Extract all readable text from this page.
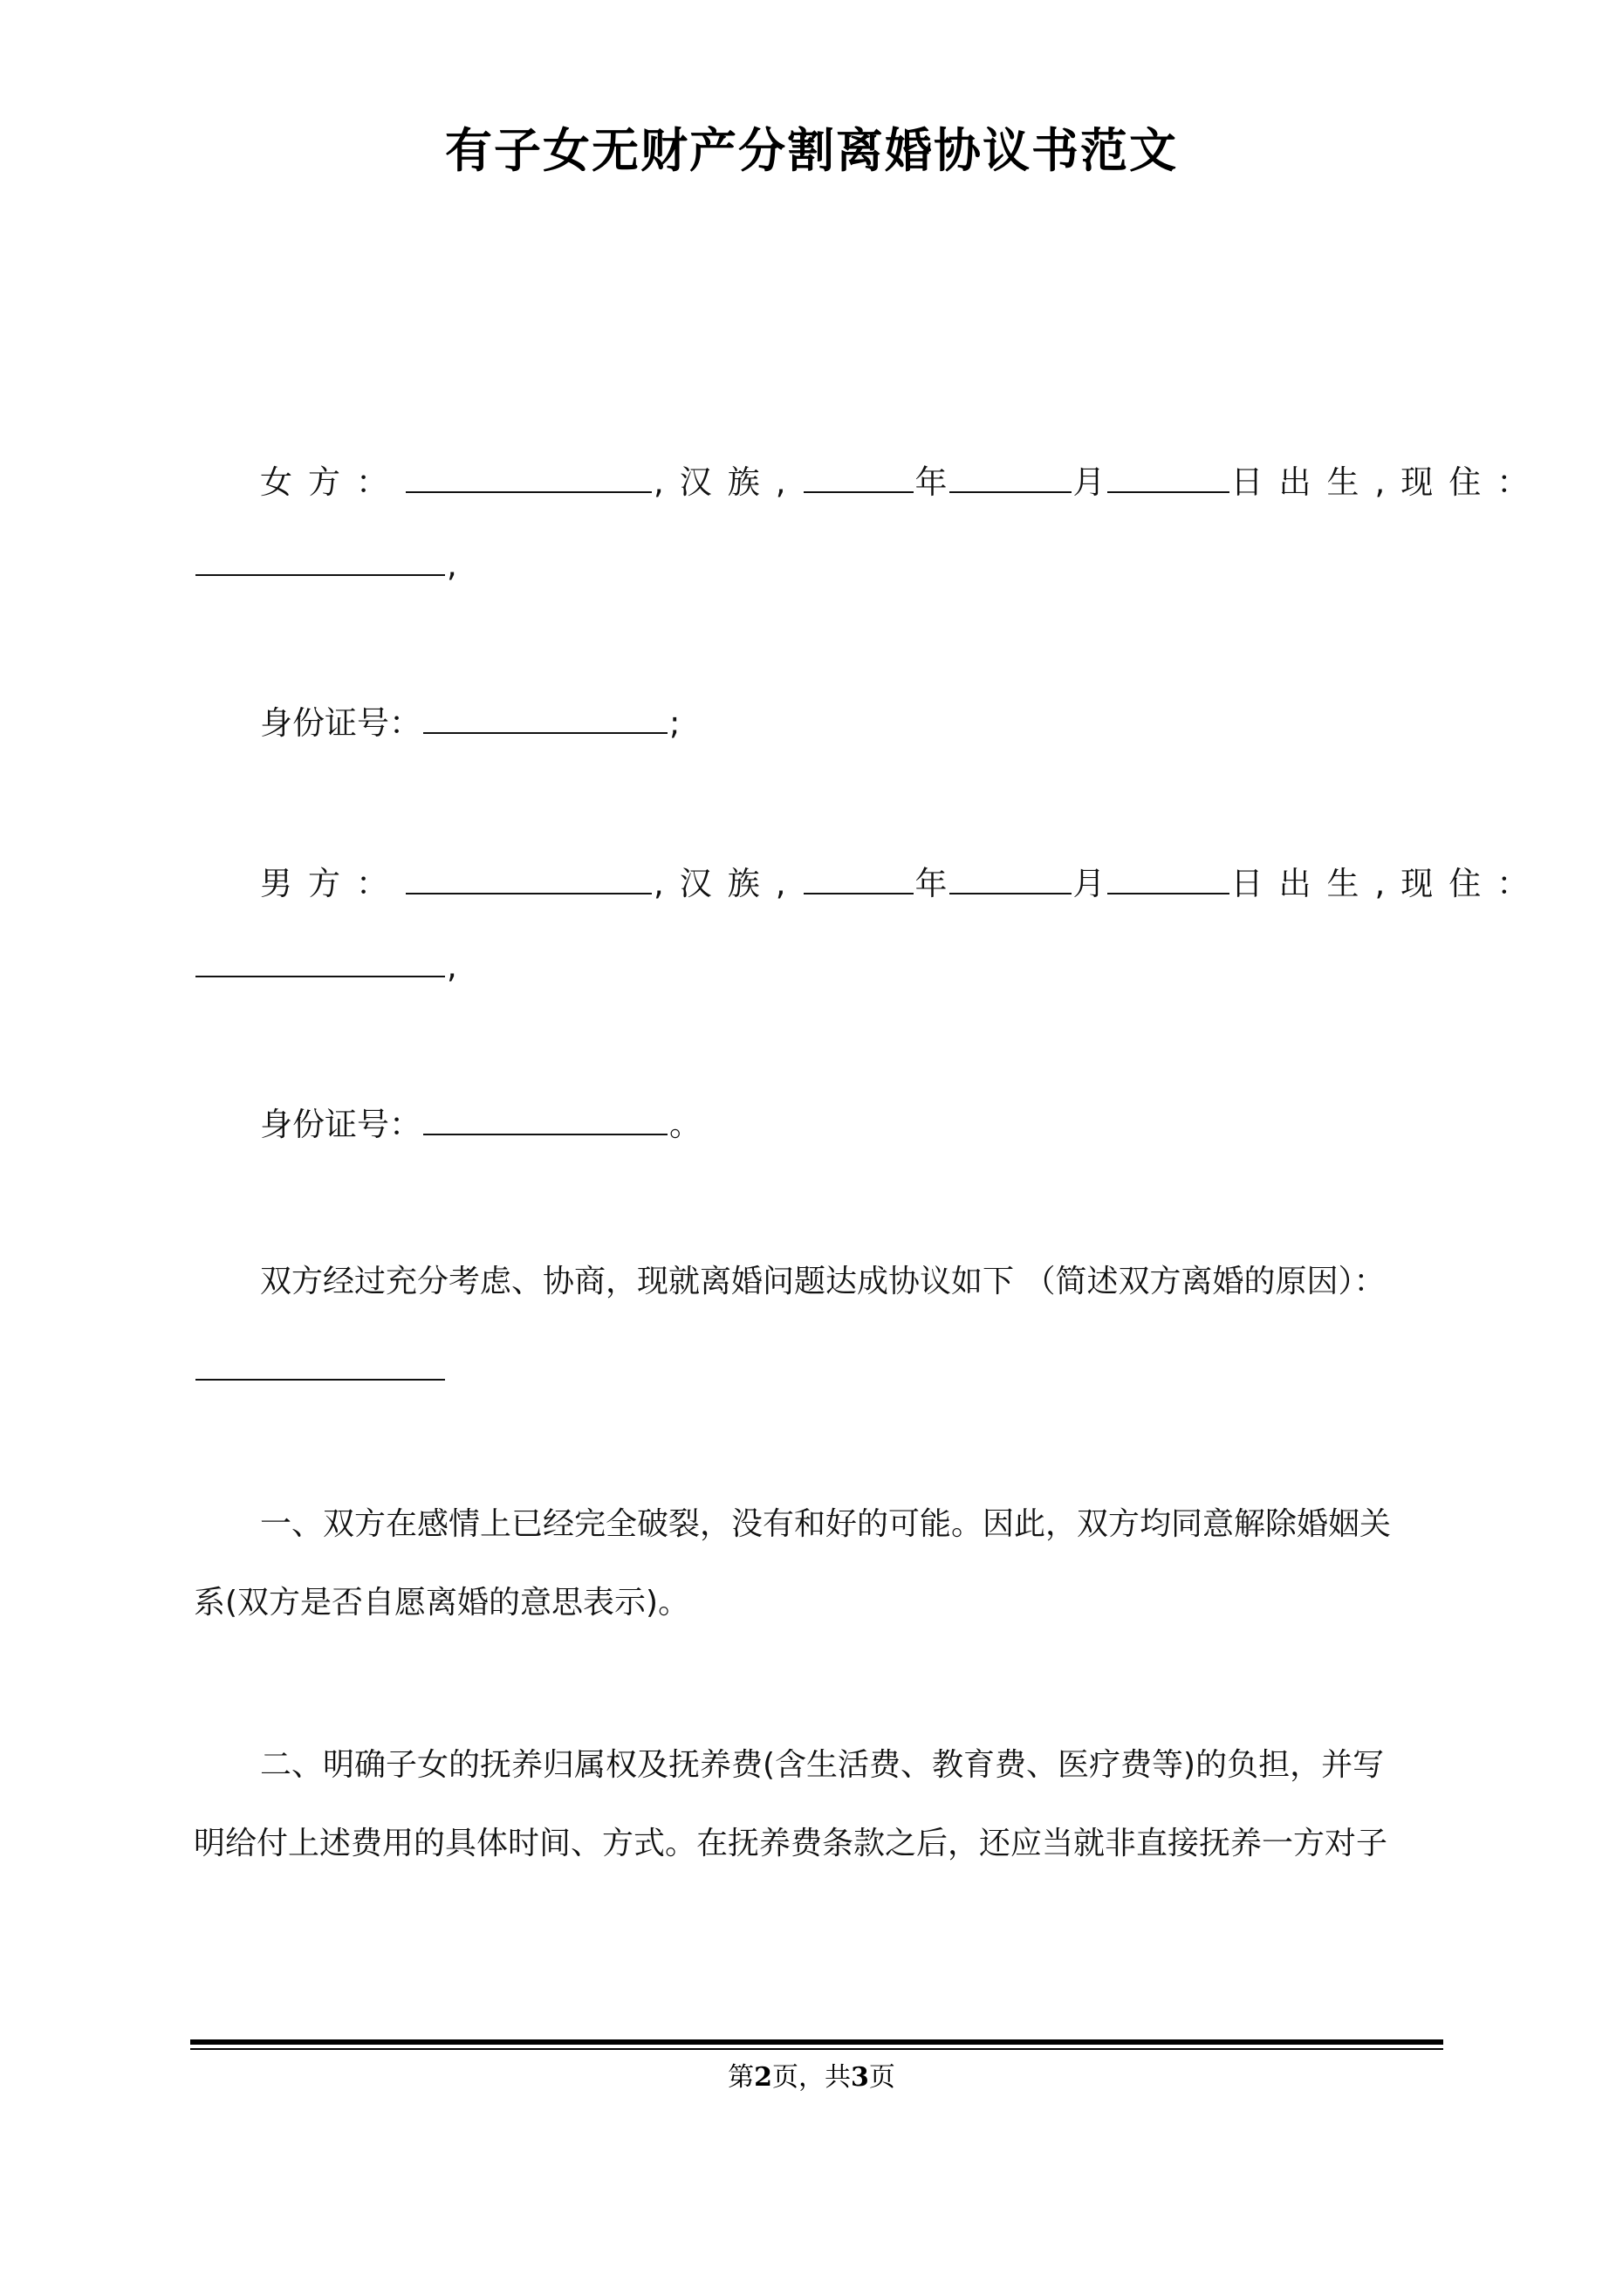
有子女无财产分割离婚协议书范文
女方：	,汉族,	年	月	日出生,现住：
,
身份证号：	;
男方：	,汉族,	年	月	日出生,现住：
,
身份证号：	。
双方经过充分考虑、协商，现就离婚问题达成协议如下 （简述双方离婚的原因）：
一、双方在感情上已经完全破裂，没有和好的可能。因此，双方均同意解除婚姻关
系(双方是否自愿离婚的意思表示)。
二、明确子女的抚养归属权及抚养费(含生活费、教育费、医疗费等)的负担，并写
明给付上述费用的具体时间、方式。在抚养费条款之后，还应当就非直接抚养一方对子
第2页，共3页
